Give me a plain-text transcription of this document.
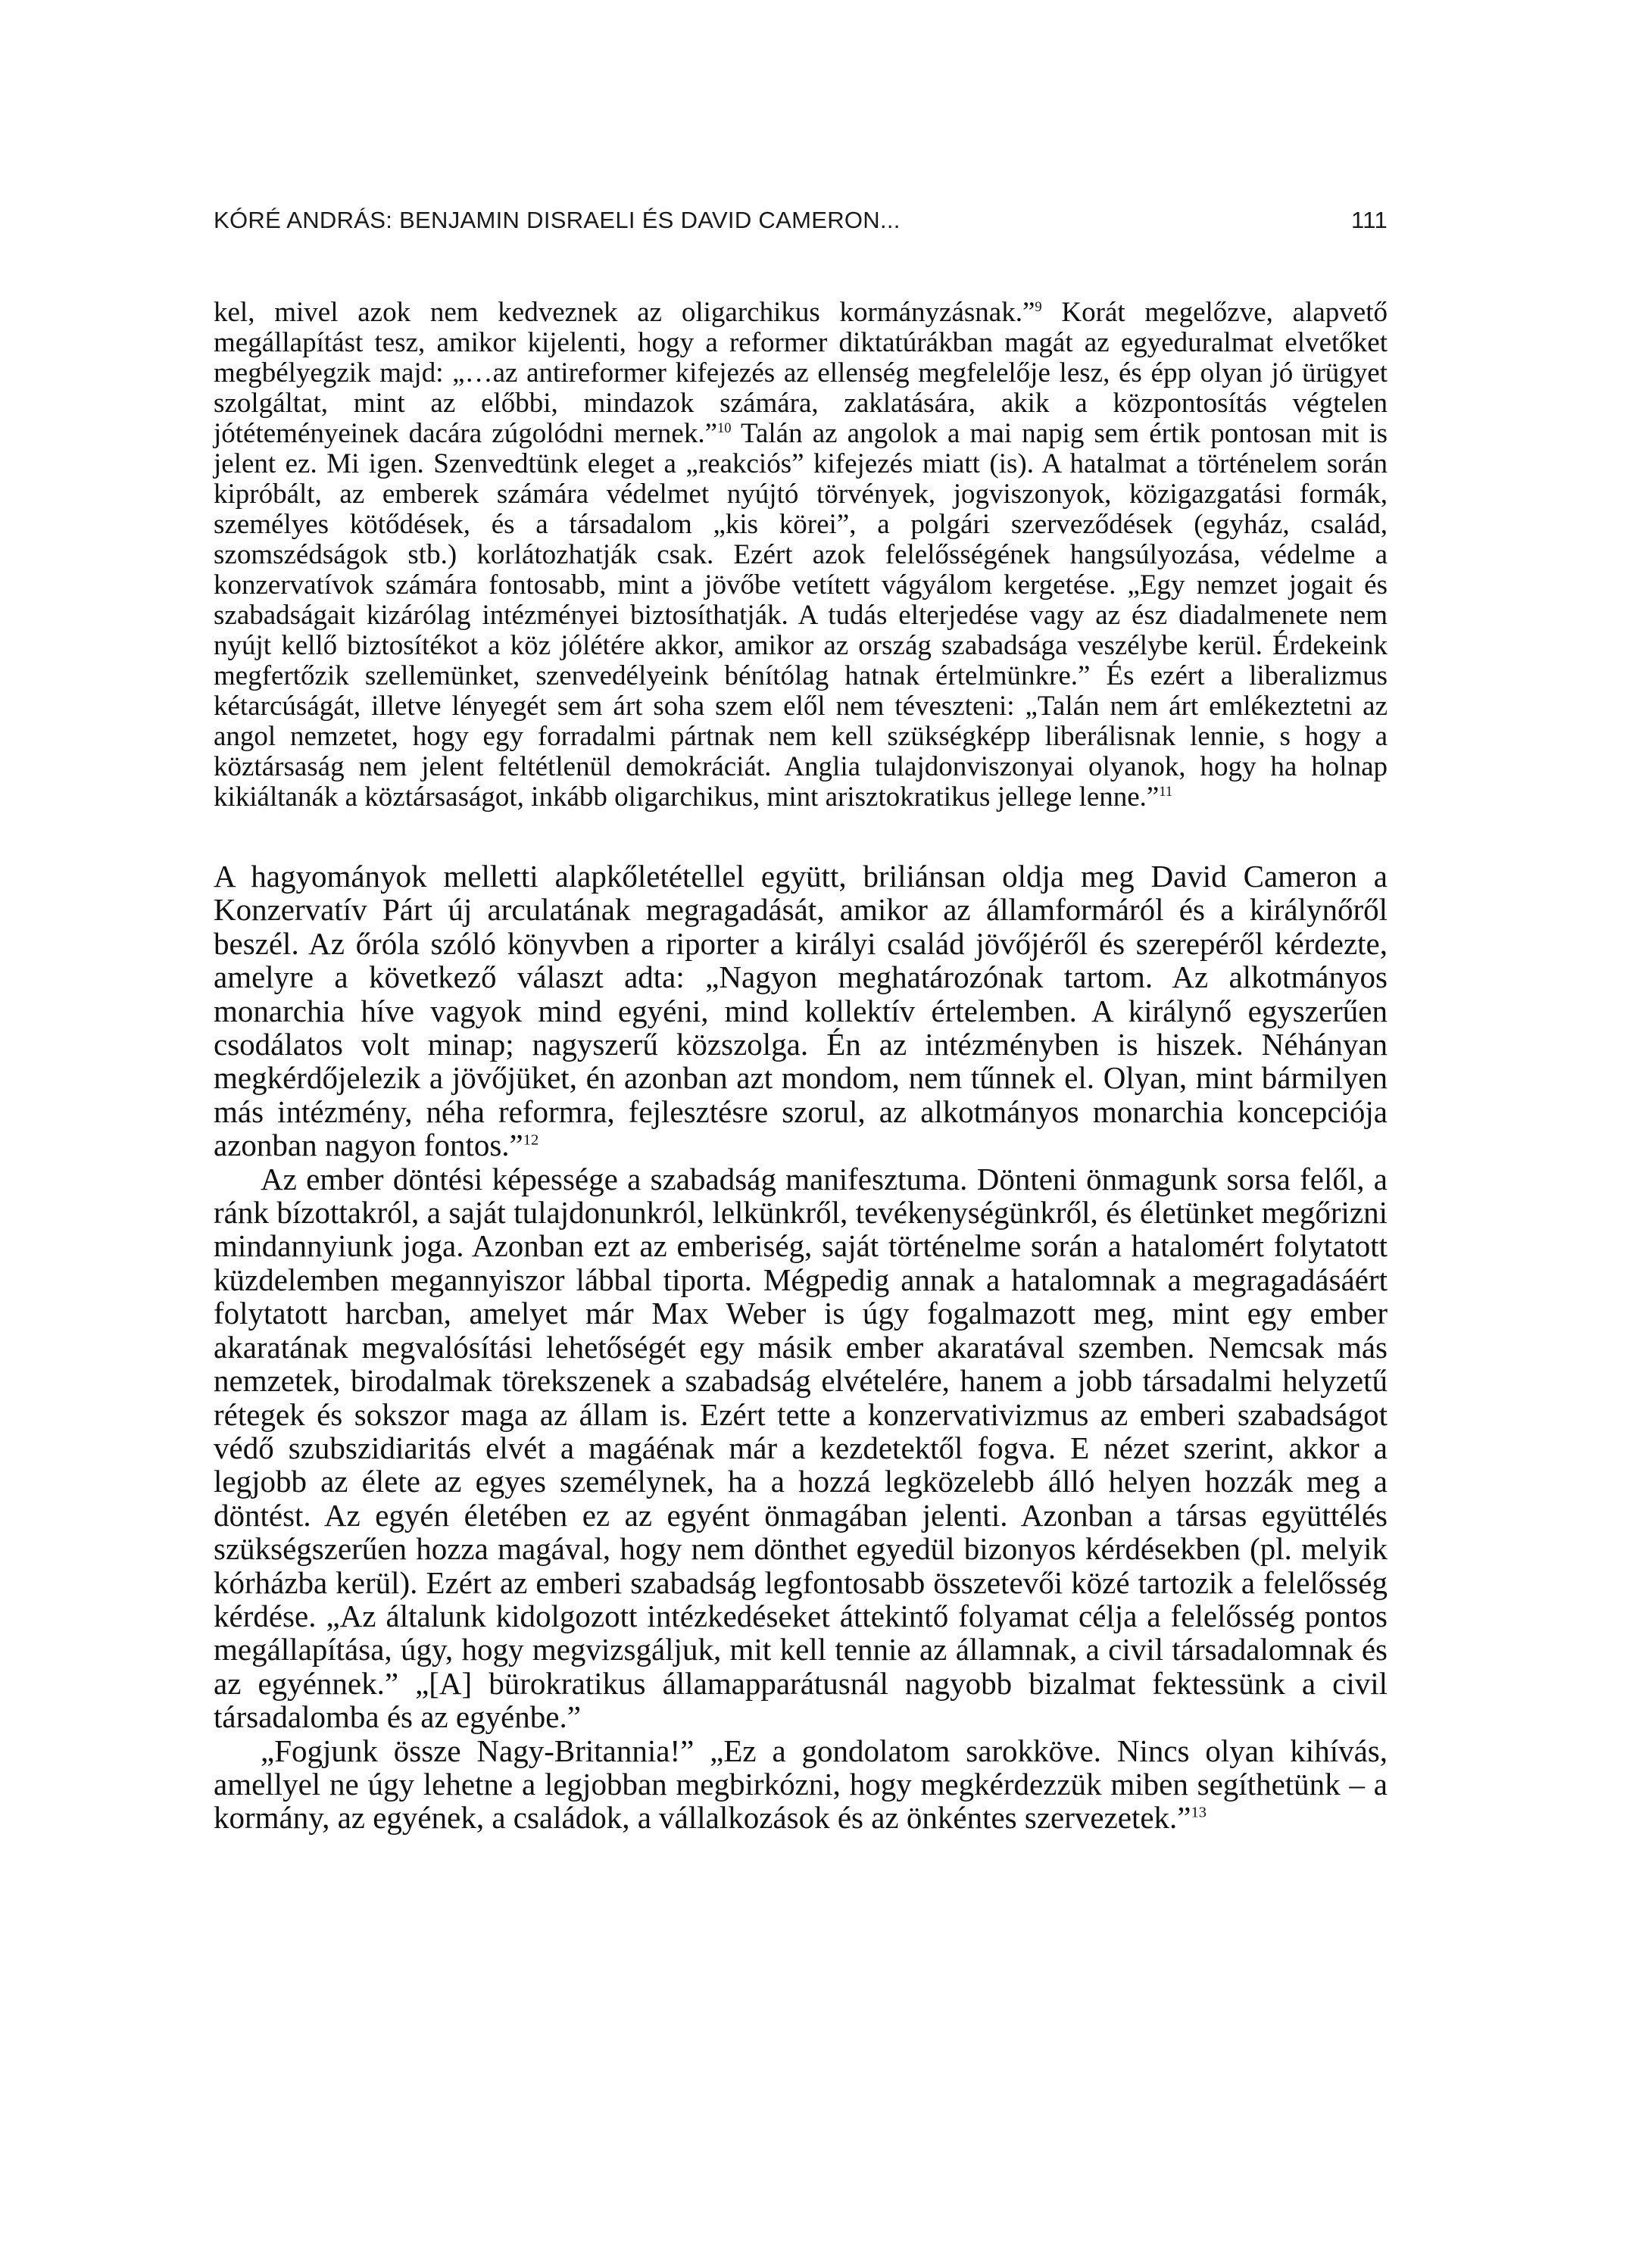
KÓRÉ ANDRÁS: BENJAMIN DISRAELI ÉS DAVID CAMERON...	111

kel, mivel azok nem kedveznek az oligarchikus kormányzásnak.”$^9$ Korát megelőzve, alapvető megállapítást tesz, amikor kijelenti, hogy a reformer diktatúrákban magát az egyeduralmat elvetőket megbélyegzik majd: „…az antireformer kifejezés az ellenség megfelelője lesz, és épp olyan jó ürügyet szolgáltat, mint az előbbi, mindazok számára, zaklatására, akik a központosítás végtelen jótéteményeinek dacára zúgolódni mernek.”$^{10}$ Talán az angolok a mai napig sem értik pontosan mit is jelent ez. Mi igen. Szenvedtünk eleget a „reakciós” kifejezés miatt (is). A hatalmat a történelem során kipróbált, az emberek számára védelmet nyújtó törvények, jogviszonyok, közigazgatási formák, személyes kötődések, és a társadalom „kis körei”, a polgári szerveződések (egyház, család, szomszédságok stb.) korlátozhatják csak. Ezért azok felelősségének hangsúlyozása, védelme a konzervatívok számára fontosabb, mint a jövőbe vetített vágyálom kergetése. „Egy nemzet jogait és szabadságait kizárólag intézményei biztosíthatják. A tudás elterjedése vagy az ész diadalmenete nem nyújt kellő biztosítékot a köz jólétére akkor, amikor az ország szabadsága veszélybe kerül. Érdekeink megfertőzik szellemünket, szenvedélyeink bénítólag hatnak értelmünkre.” És ezért a liberalizmus kétarcúságát, illetve lényegét sem árt soha szem elől nem téveszteni: „Talán nem árt emlékeztetni az angol nemzetet, hogy egy forradalmi pártnak nem kell szükségképp liberálisnak lennie, s hogy a köztársaság nem jelent feltétlenül demokráciát. Anglia tulajdonviszonyai olyanok, hogy ha holnap kikiáltanák a köztársaságot, inkább oligarchikus, mint arisztokratikus jellege lenne.”$^{11}$

A hagyományok melletti alapkőletétellel együtt, briliánsan oldja meg David Cameron a Konzervatív Párt új arculatának megragadását, amikor az államformáról és a királynőről beszél. Az őróla szóló könyvben a riporter a királyi család jövőjéről és szerepéről kérdezte, amelyre a következő választ adta: „Nagyon meghatározónak tartom. Az alkotmányos monarchia híve vagyok mind egyéni, mind kollektív értelemben. A királynő egyszerűen csodálatos volt minap; nagyszerű közszolga. Én az intézményben is hiszek. Néhányan megkérdőjelezik a jövőjüket, én azonban azt mondom, nem tűnnek el. Olyan, mint bármilyen más intézmény, néha reformra, fejlesztésre szorul, az alkotmányos monarchia koncepciója azonban nagyon fontos.”$^{12}$

Az ember döntési képessége a szabadság manifesztuma. Dönteni önmagunk sorsa felől, a ránk bízottakról, a saját tulajdonunkról, lelkünkről, tevékenységünkről, és életünket megőrizni mindannyiunk joga. Azonban ezt az emberiség, saját történelme során a hatalomért folytatott küzdelemben megannyiszor lábbal tiporta. Mégpedig annak a hatalomnak a megragadásáért folytatott harcban, amelyet már Max Weber is úgy fogalmazott meg, mint egy ember akaratának megvalósítási lehetőségét egy másik ember akaratával szemben. Nemcsak más nemzetek, birodalmak törekszenek a szabadság elvételére, hanem a jobb társadalmi helyzetű rétegek és sokszor maga az állam is. Ezért tette a konzervativizmus az emberi szabadságot védő szubszidiaritás elvét a magáénak már a kezdetektől fogva. E nézet szerint, akkor a legjobb az élete az egyes személynek, ha a hozzá legközelebb álló helyen hozzák meg a döntést. Az egyén életében ez az egyént önmagában jelenti. Azonban a társas együttélés szükségszerűen hozza magával, hogy nem dönthet egyedül bizonyos kérdésekben (pl. melyik kórházba kerül). Ezért az emberi szabadság legfontosabb összetevői közé tartozik a felelősség kérdése. „Az általunk kidolgozott intézkedéseket áttekintő folyamat célja a felelősség pontos megállapítása, úgy, hogy megvizsgáljuk, mit kell tennie az államnak, a civil társadalomnak és az egyénnek.” „[A] bürokratikus államapparátusnál nagyobb bizalmat fektessünk a civil társadalomba és az egyénbe.”

„Fogjunk össze Nagy-Britannia!” „Ez a gondolatom sarokköve. Nincs olyan kihívás, amellyel ne úgy lehetne a legjobban megbirkózni, hogy megkérdezzük miben segíthetünk – a kormány, az egyének, a családok, a vállalkozások és az önkéntes szervezetek.”$^{13}$
